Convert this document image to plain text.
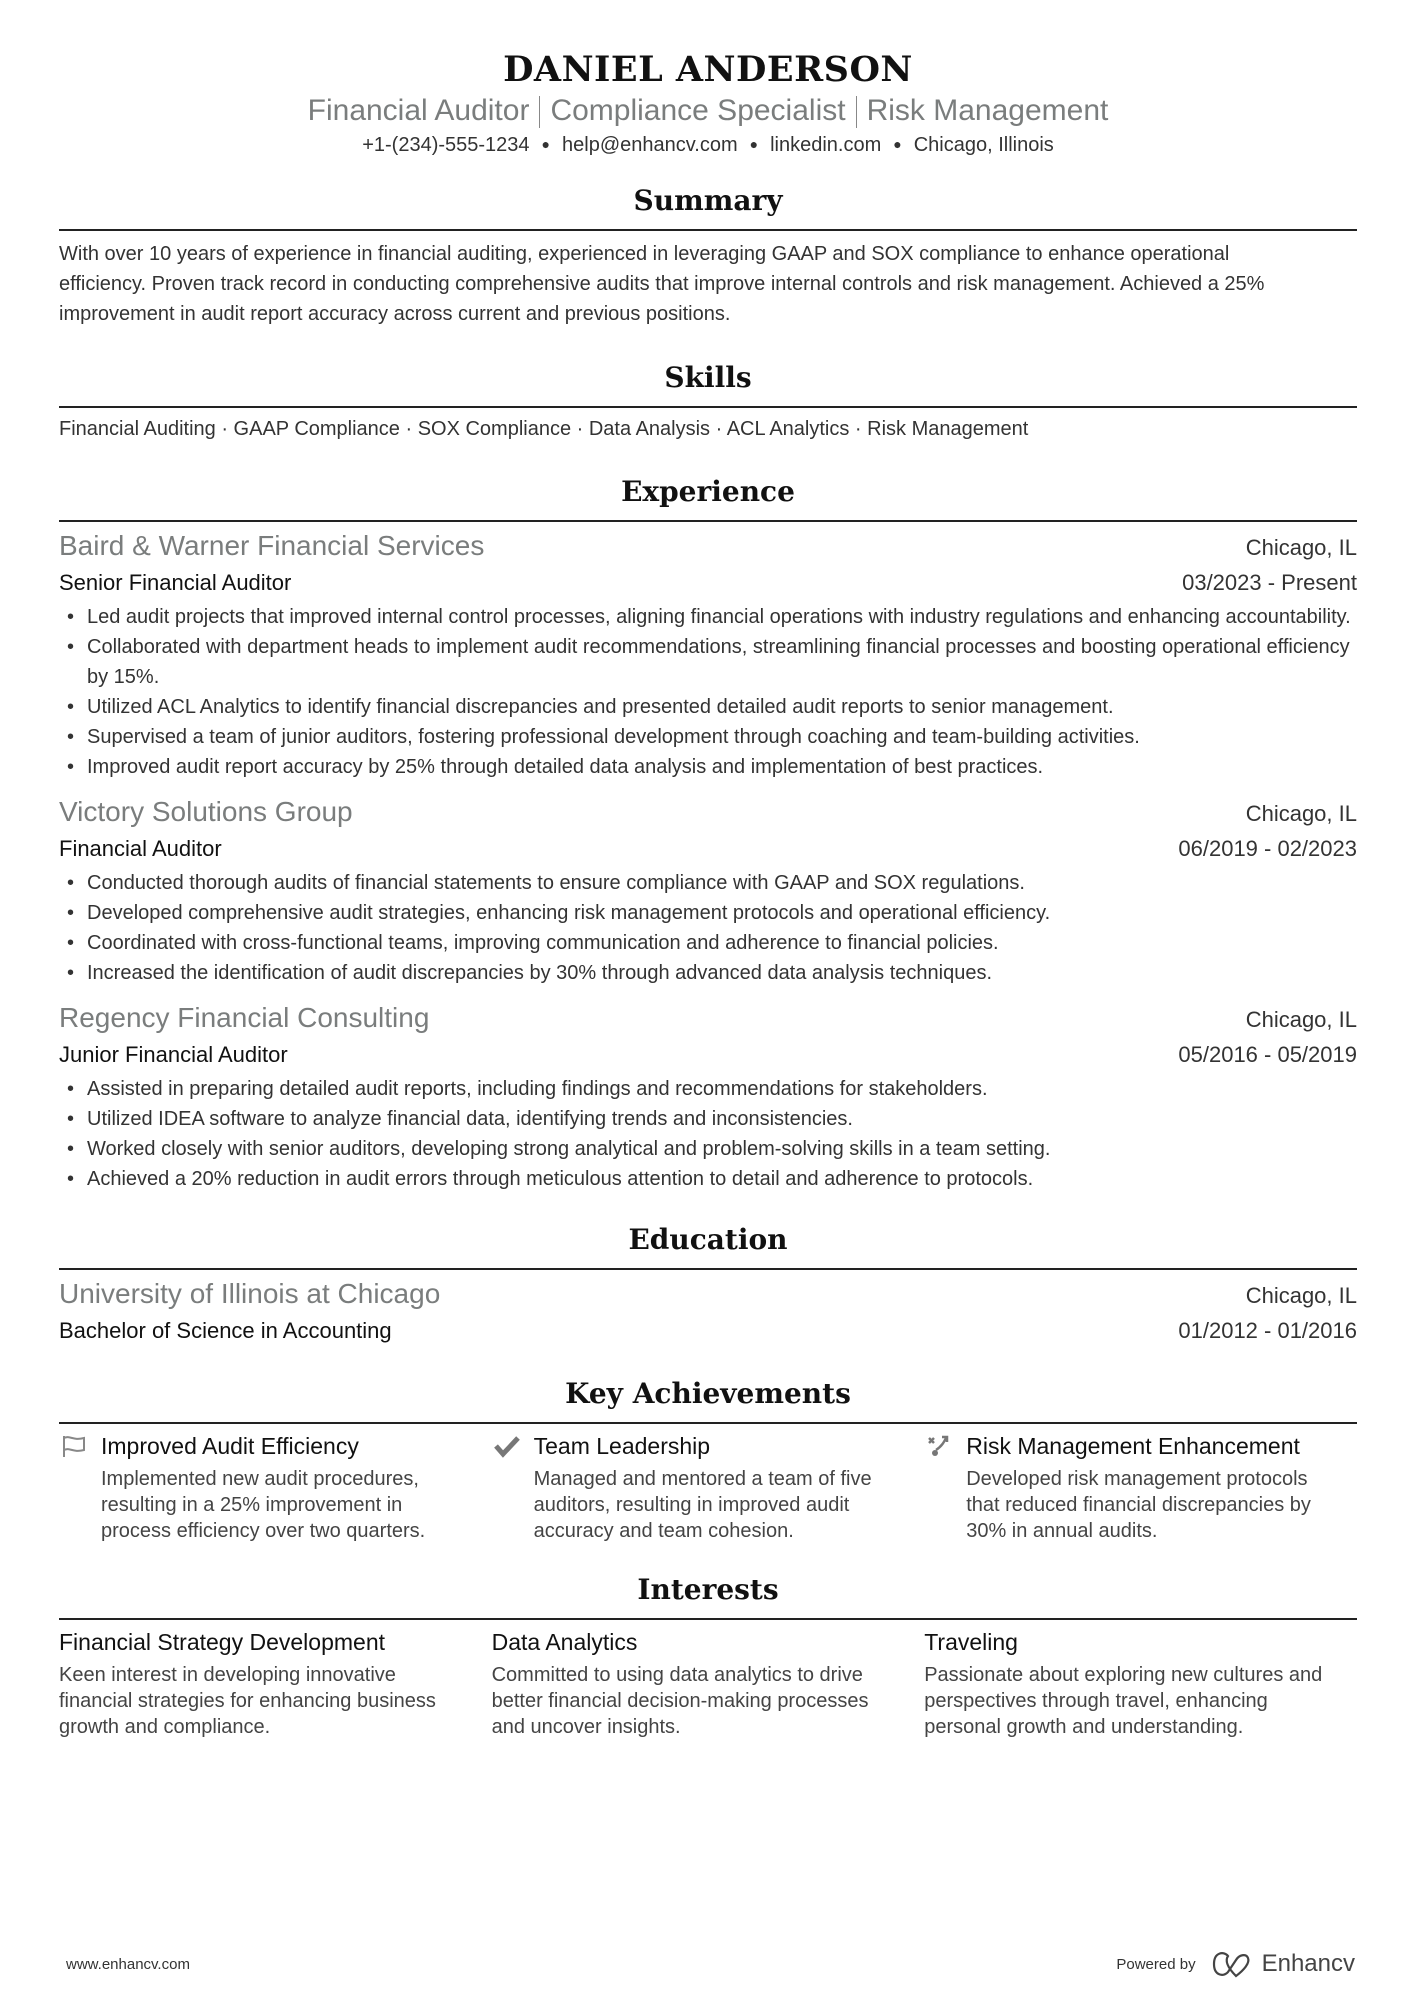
DANIEL ANDERSON
Financial Auditor Compliance Specialist Risk Management
+1-(234)-555-1234 ● help@enhancv.com ● linkedin.com ● Chicago, Illinois
Summary
With over 10 years of experience in financial auditing, experienced in leveraging GAAP and SOX compliance to enhance operational efficiency. Proven track record in conducting comprehensive audits that improve internal controls and risk management. Achieved a 25% improvement in audit report accuracy across current and previous positions.
Skills
Financial Auditing · GAAP Compliance · SOX Compliance · Data Analysis · ACL Analytics · Risk Management
Experience
Baird & Warner Financial Services	Chicago, IL
Senior Financial Auditor	03/2023 - Present
• Led audit projects that improved internal control processes, aligning financial operations with industry regulations and enhancing accountability.
• Collaborated with department heads to implement audit recommendations, streamlining financial processes and boosting operational efficiency by 15%.
• Utilized ACL Analytics to identify financial discrepancies and presented detailed audit reports to senior management.
• Supervised a team of junior auditors, fostering professional development through coaching and team-building activities.
• Improved audit report accuracy by 25% through detailed data analysis and implementation of best practices.
Victory Solutions Group	Chicago, IL
Financial Auditor	06/2019 - 02/2023
• Conducted thorough audits of financial statements to ensure compliance with GAAP and SOX regulations.
• Developed comprehensive audit strategies, enhancing risk management protocols and operational efficiency.
• Coordinated with cross-functional teams, improving communication and adherence to financial policies.
• Increased the identification of audit discrepancies by 30% through advanced data analysis techniques.
Regency Financial Consulting	Chicago, IL
Junior Financial Auditor	05/2016 - 05/2019
• Assisted in preparing detailed audit reports, including findings and recommendations for stakeholders.
• Utilized IDEA software to analyze financial data, identifying trends and inconsistencies.
• Worked closely with senior auditors, developing strong analytical and problem-solving skills in a team setting.
• Achieved a 20% reduction in audit errors through meticulous attention to detail and adherence to protocols.
Education
University of Illinois at Chicago	Chicago, IL
Bachelor of Science in Accounting	01/2012 - 01/2016
Key Achievements
Improved Audit Efficiency
Implemented new audit procedures, resulting in a 25% improvement in process efficiency over two quarters.
Team Leadership
Managed and mentored a team of five auditors, resulting in improved audit accuracy and team cohesion.
Risk Management Enhancement
Developed risk management protocols that reduced financial discrepancies by 30% in annual audits.
Interests
Financial Strategy Development
Keen interest in developing innovative financial strategies for enhancing business growth and compliance.
Data Analytics
Committed to using data analytics to drive better financial decision-making processes and uncover insights.
Traveling
Passionate about exploring new cultures and perspectives through travel, enhancing personal growth and understanding.
www.enhancv.com	Powered by	Enhancv
